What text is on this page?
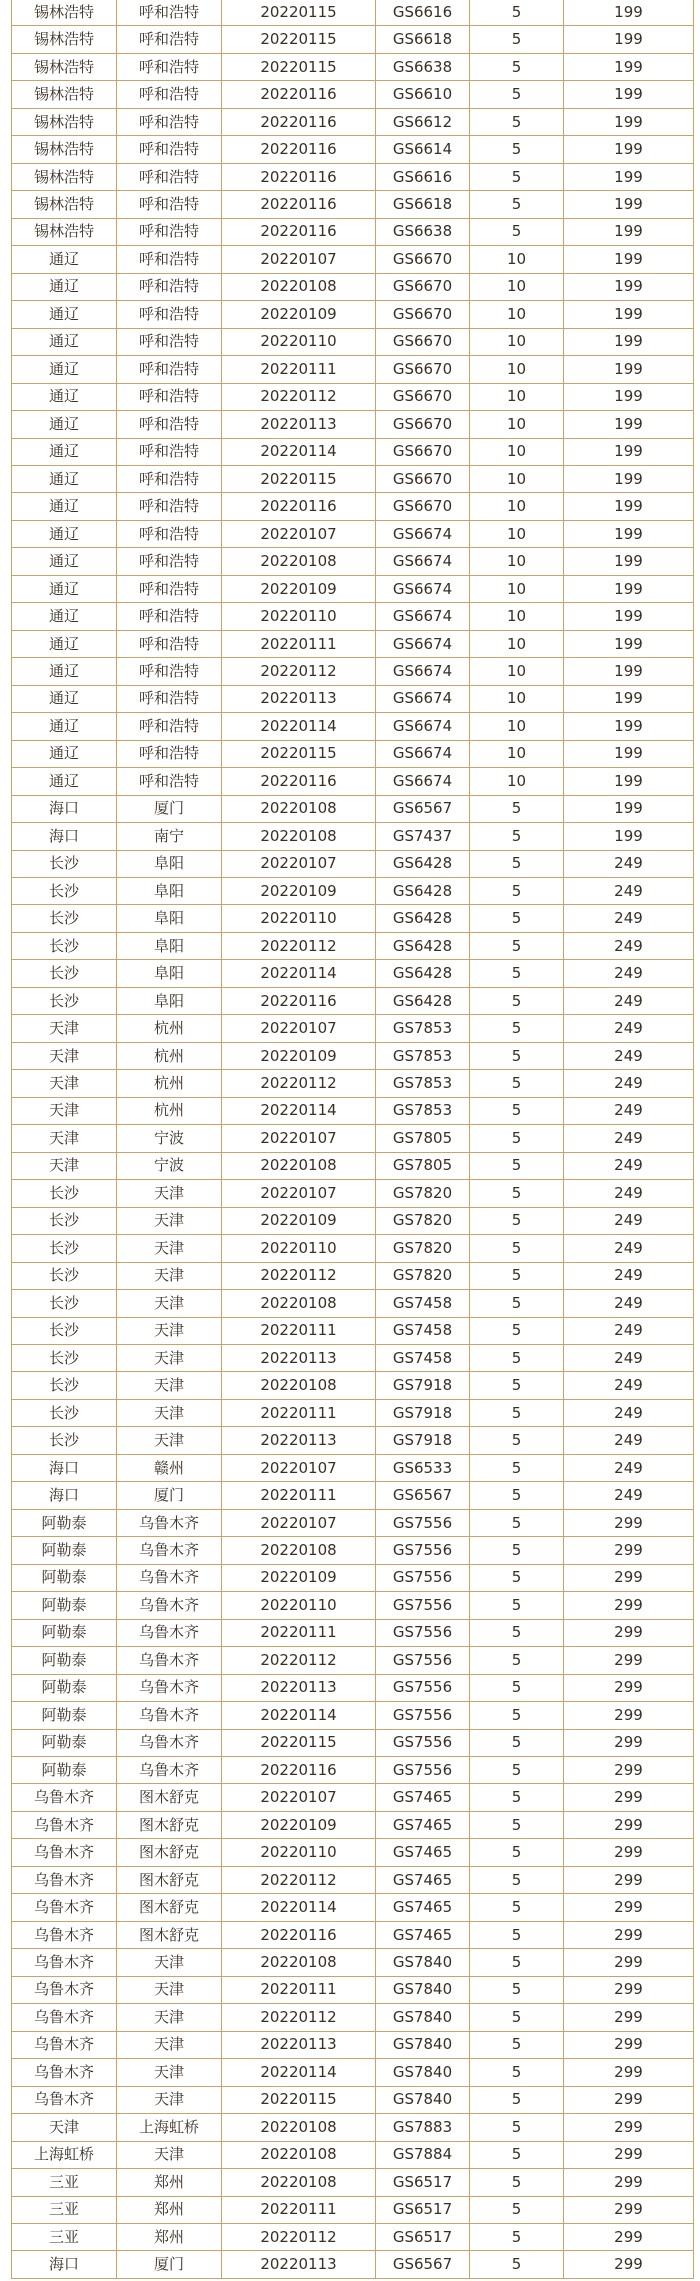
锡林浩特	呼和浩特	20220115	GS6616	5	199
锡林浩特	呼和浩特	20220115	GS6618	5	199
锡林浩特	呼和浩特	20220115	GS6638	5	199
锡林浩特	呼和浩特	20220116	GS6610	5	199
锡林浩特	呼和浩特	20220116	GS6612	5	199
锡林浩特	呼和浩特	20220116	GS6614	5	199
锡林浩特	呼和浩特	20220116	GS6616	5	199
锡林浩特	呼和浩特	20220116	GS6618	5	199
锡林浩特	呼和浩特	20220116	GS6638	5	199
通辽	呼和浩特	20220107	GS6670	10	199
通辽	呼和浩特	20220108	GS6670	10	199
通辽	呼和浩特	20220109	GS6670	10	199
通辽	呼和浩特	20220110	GS6670	10	199
通辽	呼和浩特	20220111	GS6670	10	199
通辽	呼和浩特	20220112	GS6670	10	199
通辽	呼和浩特	20220113	GS6670	10	199
通辽	呼和浩特	20220114	GS6670	10	199
通辽	呼和浩特	20220115	GS6670	10	199
通辽	呼和浩特	20220116	GS6670	10	199
通辽	呼和浩特	20220107	GS6674	10	199
通辽	呼和浩特	20220108	GS6674	10	199
通辽	呼和浩特	20220109	GS6674	10	199
通辽	呼和浩特	20220110	GS6674	10	199
通辽	呼和浩特	20220111	GS6674	10	199
通辽	呼和浩特	20220112	GS6674	10	199
通辽	呼和浩特	20220113	GS6674	10	199
通辽	呼和浩特	20220114	GS6674	10	199
通辽	呼和浩特	20220115	GS6674	10	199
通辽	呼和浩特	20220116	GS6674	10	199
海口	厦门	20220108	GS6567	5	199
海口	南宁	20220108	GS7437	5	199
长沙	阜阳	20220107	GS6428	5	249
长沙	阜阳	20220109	GS6428	5	249
长沙	阜阳	20220110	GS6428	5	249
长沙	阜阳	20220112	GS6428	5	249
长沙	阜阳	20220114	GS6428	5	249
长沙	阜阳	20220116	GS6428	5	249
天津	杭州	20220107	GS7853	5	249
天津	杭州	20220109	GS7853	5	249
天津	杭州	20220112	GS7853	5	249
天津	杭州	20220114	GS7853	5	249
天津	宁波	20220107	GS7805	5	249
天津	宁波	20220108	GS7805	5	249
长沙	天津	20220107	GS7820	5	249
长沙	天津	20220109	GS7820	5	249
长沙	天津	20220110	GS7820	5	249
长沙	天津	20220112	GS7820	5	249
长沙	天津	20220108	GS7458	5	249
长沙	天津	20220111	GS7458	5	249
长沙	天津	20220113	GS7458	5	249
长沙	天津	20220108	GS7918	5	249
长沙	天津	20220111	GS7918	5	249
长沙	天津	20220113	GS7918	5	249
海口	赣州	20220107	GS6533	5	249
海口	厦门	20220111	GS6567	5	249
阿勒泰	乌鲁木齐	20220107	GS7556	5	299
阿勒泰	乌鲁木齐	20220108	GS7556	5	299
阿勒泰	乌鲁木齐	20220109	GS7556	5	299
阿勒泰	乌鲁木齐	20220110	GS7556	5	299
阿勒泰	乌鲁木齐	20220111	GS7556	5	299
阿勒泰	乌鲁木齐	20220112	GS7556	5	299
阿勒泰	乌鲁木齐	20220113	GS7556	5	299
阿勒泰	乌鲁木齐	20220114	GS7556	5	299
阿勒泰	乌鲁木齐	20220115	GS7556	5	299
阿勒泰	乌鲁木齐	20220116	GS7556	5	299
乌鲁木齐	图木舒克	20220107	GS7465	5	299
乌鲁木齐	图木舒克	20220109	GS7465	5	299
乌鲁木齐	图木舒克	20220110	GS7465	5	299
乌鲁木齐	图木舒克	20220112	GS7465	5	299
乌鲁木齐	图木舒克	20220114	GS7465	5	299
乌鲁木齐	图木舒克	20220116	GS7465	5	299
乌鲁木齐	天津	20220108	GS7840	5	299
乌鲁木齐	天津	20220111	GS7840	5	299
乌鲁木齐	天津	20220112	GS7840	5	299
乌鲁木齐	天津	20220113	GS7840	5	299
乌鲁木齐	天津	20220114	GS7840	5	299
乌鲁木齐	天津	20220115	GS7840	5	299
天津	上海虹桥	20220108	GS7883	5	299
上海虹桥	天津	20220108	GS7884	5	299
三亚	郑州	20220108	GS6517	5	299
三亚	郑州	20220111	GS6517	5	299
三亚	郑州	20220112	GS6517	5	299
海口	厦门	20220113	GS6567	5	299
